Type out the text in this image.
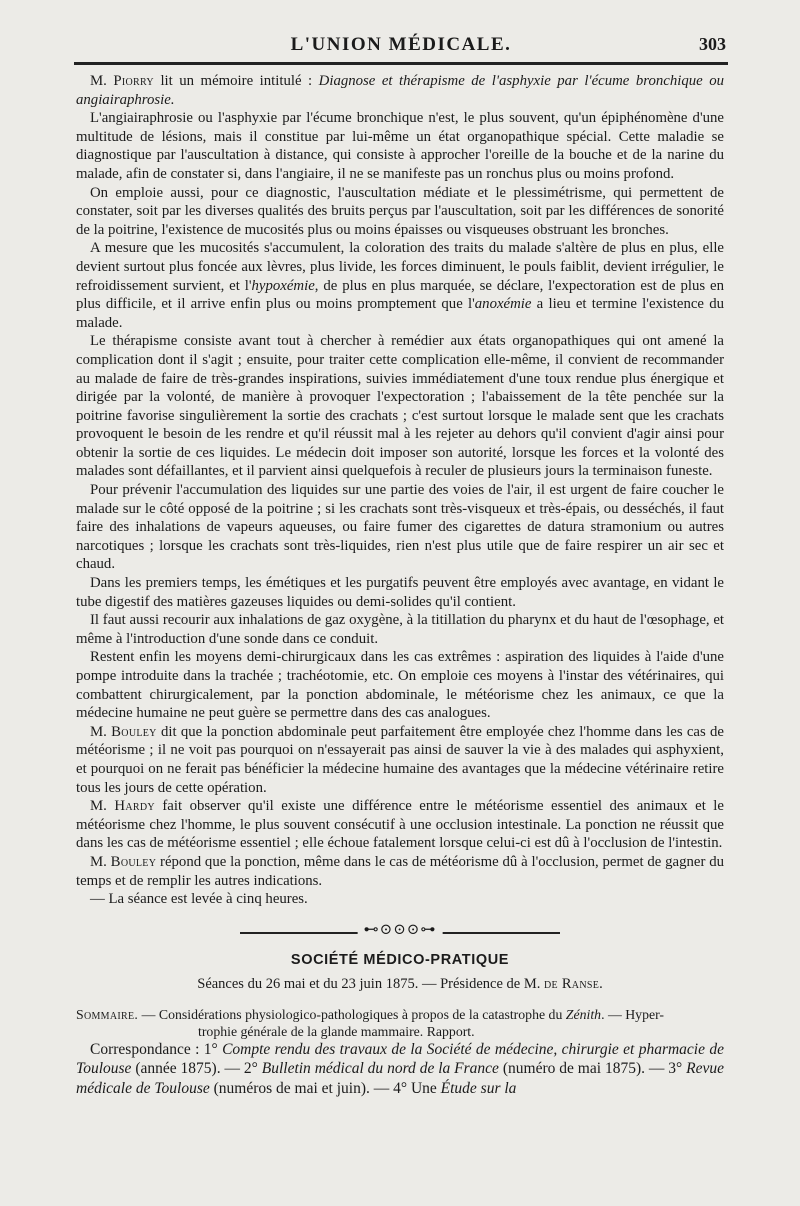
L'UNION MÉDICALE.	303

M. Piorry lit un mémoire intitulé : Diagnose et thérapisme de l'asphyxie par l'écume bronchique ou angiairaphrosie.

L'angiairaphrosie ou l'asphyxie par l'écume bronchique n'est, le plus souvent, qu'un épiphénomène d'une multitude de lésions, mais il constitue par lui-même un état organopathique spécial. Cette maladie se diagnostique par l'auscultation à distance, qui consiste à approcher l'oreille de la bouche et de la narine du malade, afin de constater si, dans l'angiaire, il ne se manifeste pas un ronchus plus ou moins profond.

On emploie aussi, pour ce diagnostic, l'auscultation médiate et le plessimétrisme, qui permettent de constater, soit par les diverses qualités des bruits perçus par l'auscultation, soit par les différences de sonorité de la poitrine, l'existence de mucosités plus ou moins épaisses ou visqueuses obstruant les bronches.

A mesure que les mucosités s'accumulent, la coloration des traits du malade s'altère de plus en plus, elle devient surtout plus foncée aux lèvres, plus livide, les forces diminuent, le pouls faiblit, devient irrégulier, le refroidissement survient, et l'hypoxémie, de plus en plus marquée, se déclare, l'expectoration est de plus en plus difficile, et il arrive enfin plus ou moins promptement que l'anoxémie a lieu et termine l'existence du malade.

Le thérapisme consiste avant tout à chercher à remédier aux états organopathiques qui ont amené la complication dont il s'agit ; ensuite, pour traiter cette complication elle-même, il convient de recommander au malade de faire de très-grandes inspirations, suivies immédiatement d'une toux rendue plus énergique et dirigée par la volonté, de manière à provoquer l'expectoration ; l'abaissement de la tête penchée sur la poitrine favorise singulièrement la sortie des crachats ; c'est surtout lorsque le malade sent que les crachats provoquent le besoin de les rendre et qu'il réussit mal à les rejeter au dehors qu'il convient d'agir ainsi pour obtenir la sortie de ces liquides. Le médecin doit imposer son autorité, lorsque les forces et la volonté des malades sont défaillantes, et il parvient ainsi quelquefois à reculer de plusieurs jours la terminaison funeste.

Pour prévenir l'accumulation des liquides sur une partie des voies de l'air, il est urgent de faire coucher le malade sur le côté opposé de la poitrine ; si les crachats sont très-visqueux et très-épais, ou desséchés, il faut faire des inhalations de vapeurs aqueuses, ou faire fumer des cigarettes de datura stramonium ou autres narcotiques ; lorsque les crachats sont très-liquides, rien n'est plus utile que de faire respirer un air sec et chaud.

Dans les premiers temps, les émétiques et les purgatifs peuvent être employés avec avantage, en vidant le tube digestif des matières gazeuses liquides ou demi-solides qu'il contient.

Il faut aussi recourir aux inhalations de gaz oxygène, à la titillation du pharynx et du haut de l'œsophage, et même à l'introduction d'une sonde dans ce conduit.

Restent enfin les moyens demi-chirurgicaux dans les cas extrêmes : aspiration des liquides à l'aide d'une pompe introduite dans la trachée ; trachéotomie, etc. On emploie ces moyens à l'instar des vétérinaires, qui combattent chirurgicalement, par la ponction abdominale, le météorisme chez les animaux, ce que la médecine humaine ne peut guère se permettre dans des cas analogues.

M. Bouley dit que la ponction abdominale peut parfaitement être employée chez l'homme dans les cas de météorisme ; il ne voit pas pourquoi on n'essayerait pas ainsi de sauver la vie à des malades qui asphyxient, et pourquoi on ne ferait pas bénéficier la médecine humaine des avantages que la médecine vétérinaire retire tous les jours de cette opération.

M. Hardy fait observer qu'il existe une différence entre le météorisme essentiel des animaux et le météorisme chez l'homme, le plus souvent consécutif à une occlusion intestinale. La ponction ne réussit que dans les cas de météorisme essentiel ; elle échoue fatalement lorsque celui-ci est dû à l'occlusion de l'intestin.

M. Bouley répond que la ponction, même dans le cas de météorisme dû à l'occlusion, permet de gagner du temps et de remplir les autres indications.

— La séance est levée à cinq heures.

⊷⊙⊙⊙⊶
SOCIÉTÉ MÉDICO-PRATIQUE
Séances du 26 mai et du 23 juin 1875. — Présidence de M. de Ranse.
Sommaire. — Considérations physiologico-pathologiques à propos de la catastrophe du Zénith. — Hyper-
trophie générale de la glande mammaire. Rapport.

Correspondance : 1° Compte rendu des travaux de la Société de médecine, chirurgie et pharmacie de Toulouse (année 1875). — 2° Bulletin médical du nord de la France (numéro de mai 1875). — 3° Revue médicale de Toulouse (numéros de mai et juin). — 4° Une Étude sur la
